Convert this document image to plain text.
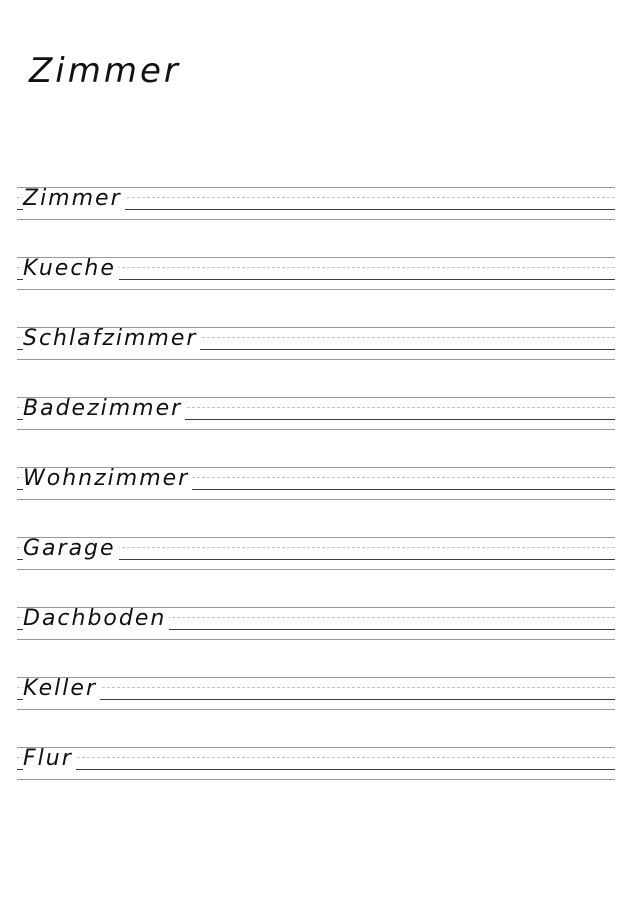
Zimmer
Zimmer
Kueche
Schlafzimmer
Badezimmer
Wohnzimmer
Garage
Dachboden
Keller
Flur
